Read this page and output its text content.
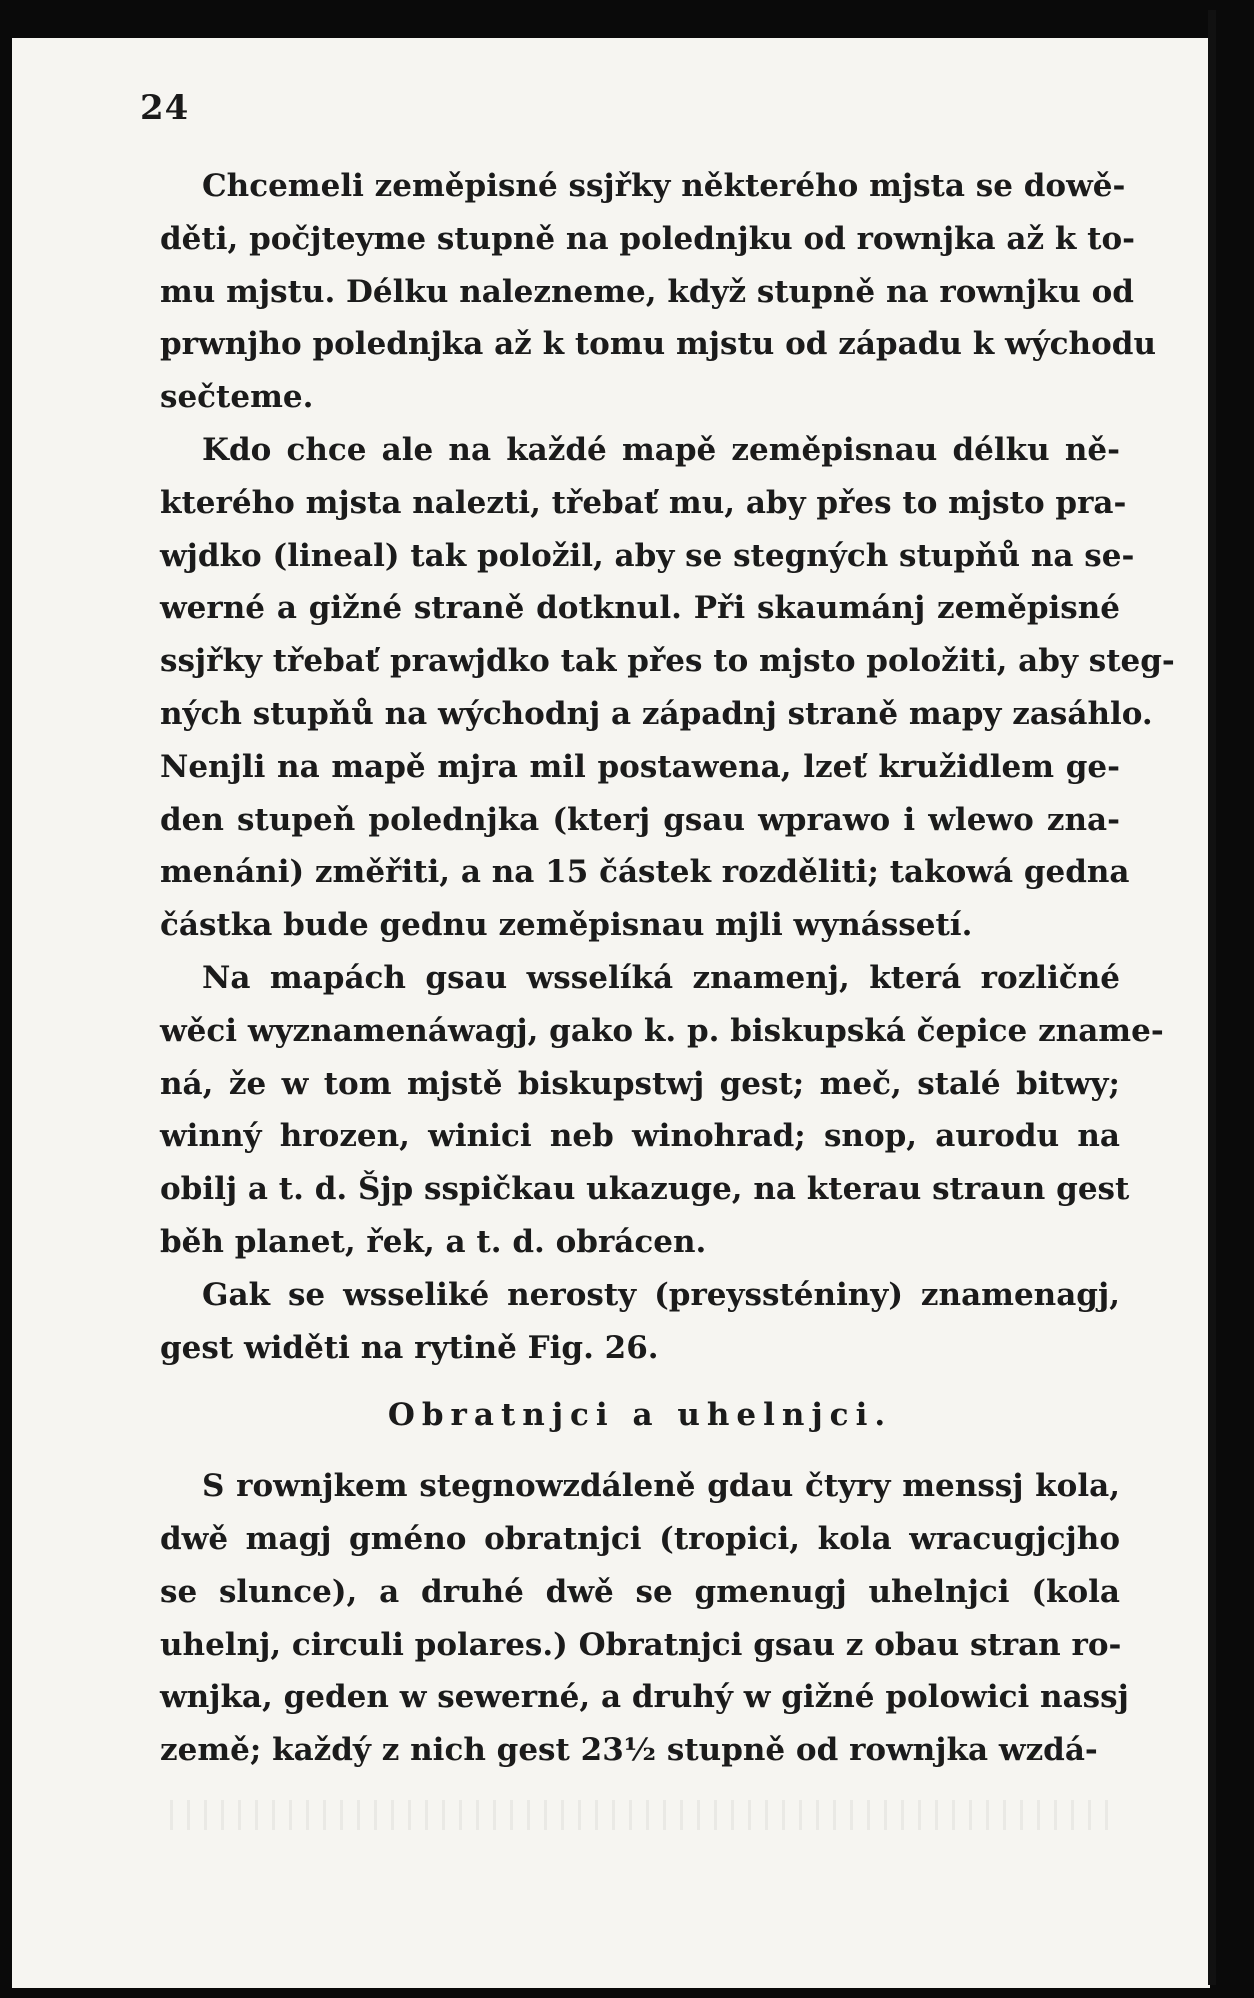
24
Chcemeli zeměpisné ssjřky některého mjsta se dowě-
děti, počjteyme stupně na polednjku od rownjka až k to-
mu mjstu. Délku nalezneme, když stupně na rownjku od
prwnjho polednjka až k tomu mjstu od západu k wýchodu
sečteme.
Kdo chce ale na každé mapě zeměpisnau délku ně-
kterého mjsta nalezti, třebať mu, aby přes to mjsto pra-
wjdko (lineal) tak položil, aby se stegných stupňů na se-
werné a gižné straně dotknul. Při skaumánj zeměpisné
ssjřky třebať prawjdko tak přes to mjsto položiti, aby steg-
ných stupňů na wýchodnj a západnj straně mapy zasáhlo.
Nenjli na mapě mjra mil postawena, lzeť kružidlem ge-
den stupeň polednjka (kterj gsau wprawo i wlewo zna-
menáni) změřiti, a na 15 částek rozděliti; takowá gedna
částka bude gednu zeměpisnau mjli wynássetí.
Na mapách gsau wsselíká znamenj, která rozličné
wěci wyznamenáwagj, gako k. p. biskupská čepice zname-
ná, že w tom mjstě biskupstwj gest; meč, stalé bitwy;
winný hrozen, winici neb winohrad; snop, aurodu na
obilj a t. d. Šjp sspičkau ukazuge, na kterau straun gest
běh planet, řek, a t. d. obrácen.
Gak se wsseliké nerosty (preyssténiny) znamenagj,
gest widěti na rytině Fig. 26.
Obratnjci a uhelnjci.
S rownjkem stegnowzdáleně gdau čtyry menssj kola,
dwě magj gméno obratnjci (tropici, kola wracugjcjho
se slunce), a druhé dwě se gmenugj uhelnjci (kola
uhelnj, circuli polares.) Obratnjci gsau z obau stran ro-
wnjka, geden w sewerné, a druhý w gižné polowici nassj
země; každý z nich gest 23½ stupně od rownjka wzdá-
